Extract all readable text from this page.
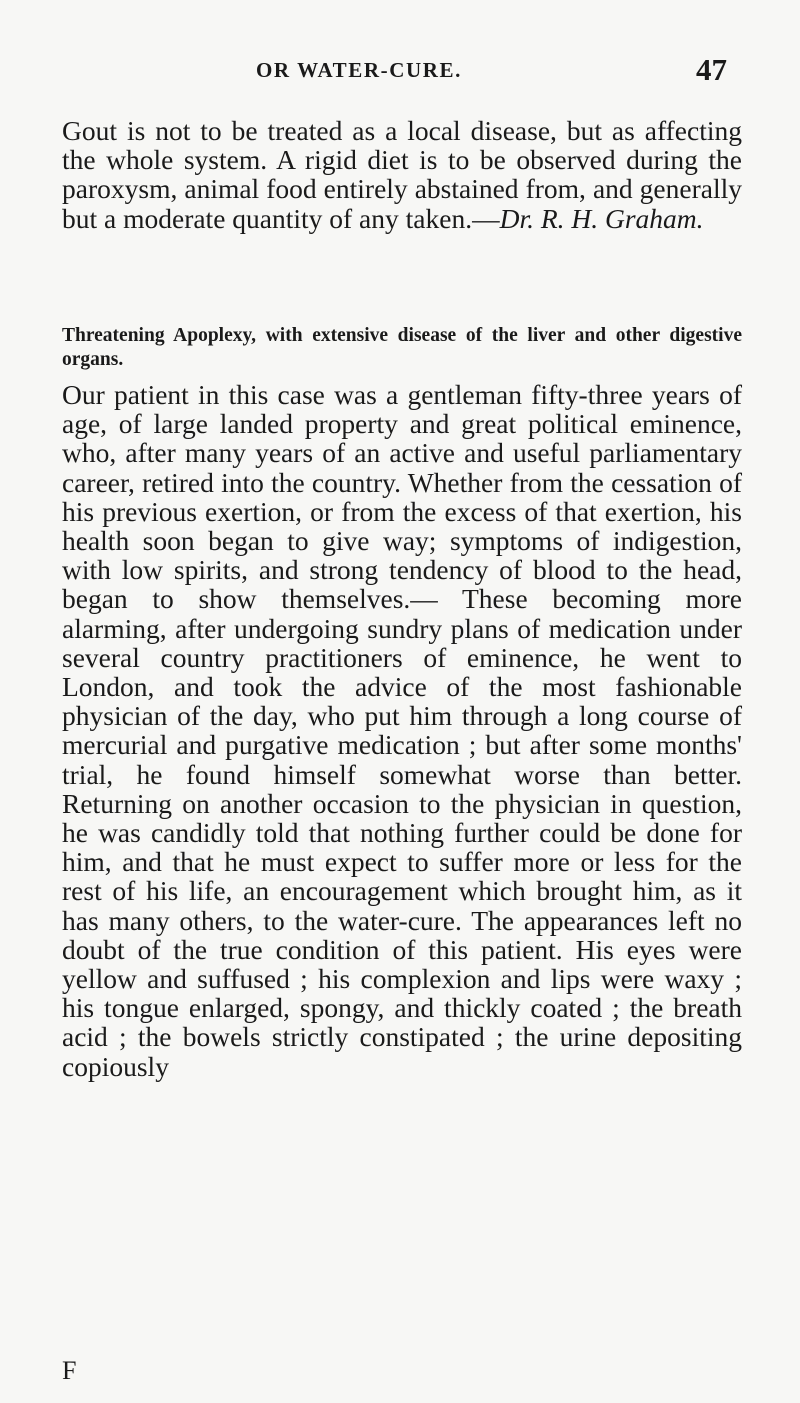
OR WATER-CURE.	47

Gout is not to be treated as a local disease, but as affecting the whole system. A rigid diet is to be observed during the paroxysm, animal food entirely abstained from, and generally but a moderate quantity of any taken.—Dr. R. H. Graham.

Threatening Apoplexy, with extensive disease of the liver and other digestive organs.

Our patient in this case was a gentleman fifty-three years of age, of large landed property and great political eminence, who, after many years of an active and useful parliamentary career, retired into the country. Whether from the cessation of his previous exertion, or from the excess of that exertion, his health soon began to give way; symptoms of indigestion, with low spirits, and strong tendency of blood to the head, began to show themselves.— These becoming more alarming, after undergoing sundry plans of medication under several country practitioners of eminence, he went to London, and took the advice of the most fashionable physician of the day, who put him through a long course of mercurial and purgative medication ; but after some months' trial, he found himself somewhat worse than better. Returning on another occasion to the physician in question, he was candidly told that nothing further could be done for him, and that he must expect to suffer more or less for the rest of his life, an encouragement which brought him, as it has many others, to the water-cure. The appearances left no doubt of the true condition of this patient. His eyes were yellow and suffused ; his complexion and lips were waxy ; his tongue enlarged, spongy, and thickly coated ; the breath acid ; the bowels strictly constipated ; the urine depositing copiously

F
